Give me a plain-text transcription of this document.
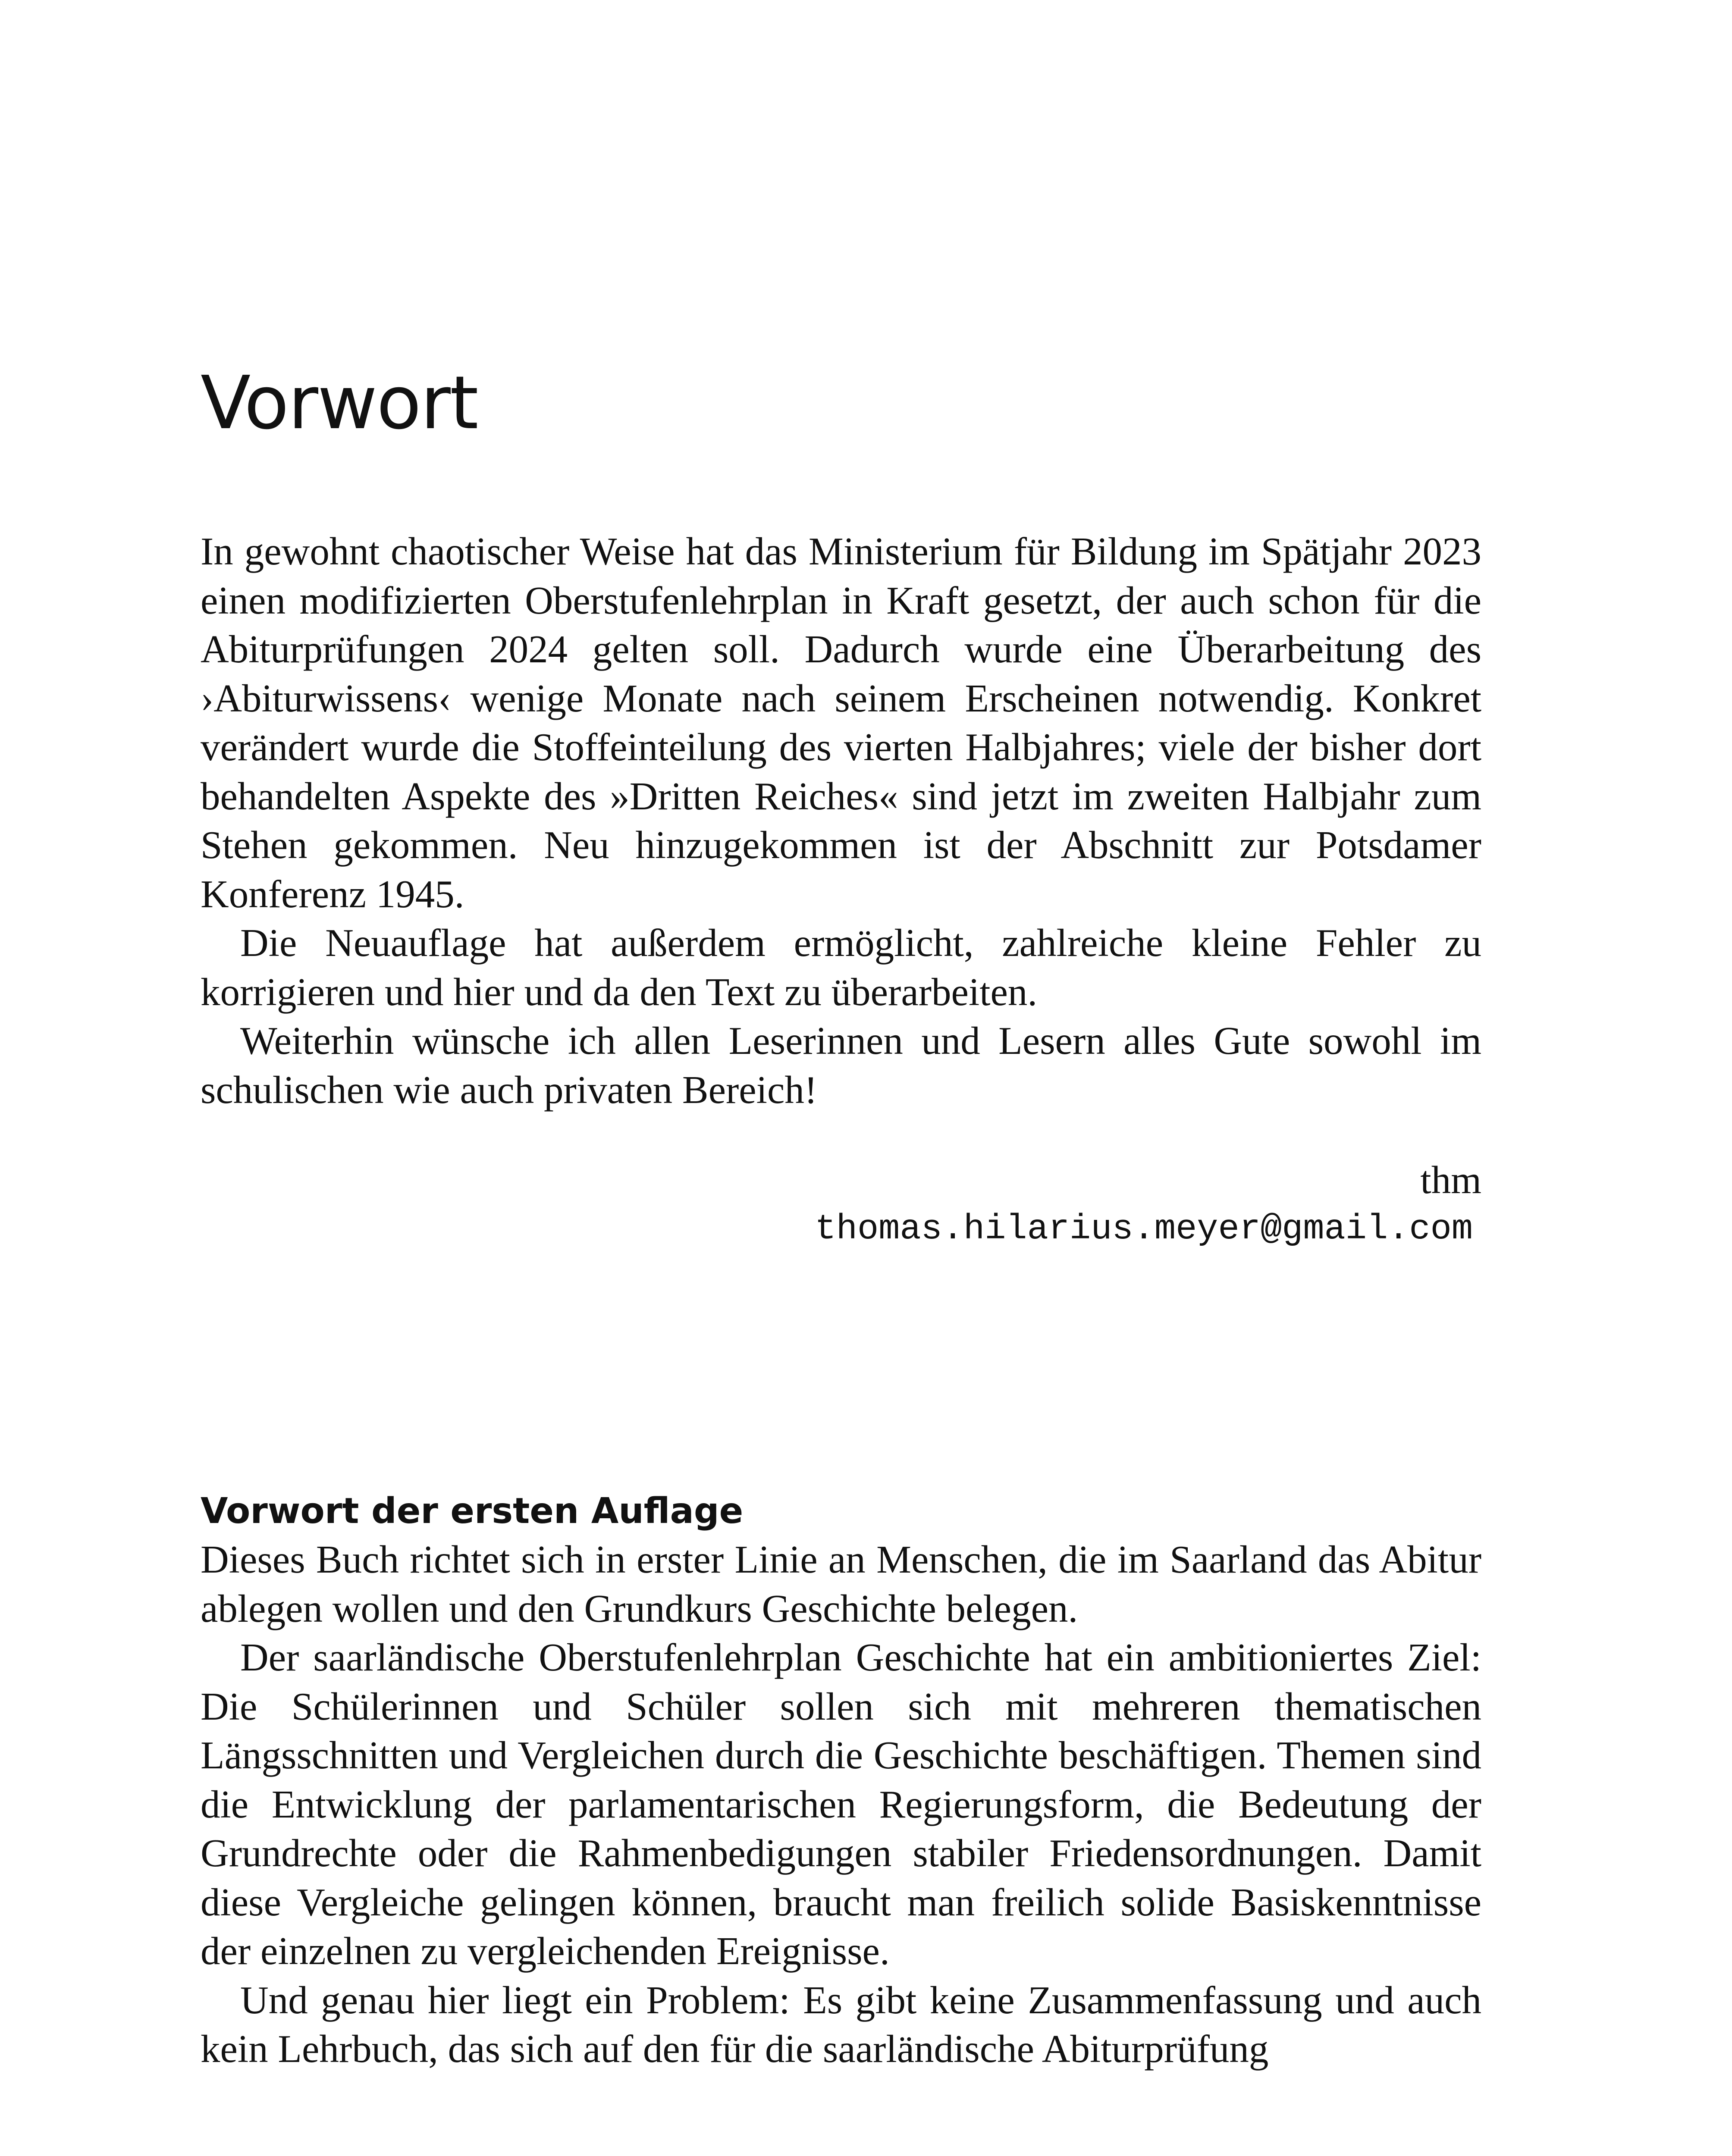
Vorwort

In gewohnt chaotischer Weise hat das Ministerium für Bildung im Spätjahr 2023 einen modifizierten Oberstufenlehrplan in Kraft gesetzt, der auch schon für die Abiturprüfungen 2024 gelten soll. Dadurch wurde eine Überarbeitung des ›Abiturwissens‹ wenige Monate nach seinem Erscheinen notwendig. Konkret verändert wurde die Stoffeinteilung des vierten Halbjahres; viele der bisher dort behandelten Aspekte des »Dritten Reiches« sind jetzt im zweiten Halbjahr zum Stehen gekommen. Neu hinzugekommen ist der Abschnitt zur Potsdamer Konferenz 1945.

Die Neuauflage hat außerdem ermöglicht, zahlreiche kleine Fehler zu korrigieren und hier und da den Text zu überarbeiten.

Weiterhin wünsche ich allen Leserinnen und Lesern alles Gute sowohl im schulischen wie auch privaten Bereich!

thm
thomas.hilarius.meyer@gmail.com
Vorwort der ersten Auflage

Dieses Buch richtet sich in erster Linie an Menschen, die im Saarland das Abitur ablegen wollen und den Grundkurs Geschichte belegen.

Der saarländische Oberstufenlehrplan Geschichte hat ein ambitioniertes Ziel: Die Schülerinnen und Schüler sollen sich mit mehreren thematischen Längsschnitten und Vergleichen durch die Geschichte beschäftigen. Themen sind die Entwicklung der parlamentarischen Regierungsform, die Bedeutung der Grundrechte oder die Rahmenbedigungen stabiler Friedensordnungen. Damit diese Vergleiche gelingen können, braucht man freilich solide Basiskenntnisse der einzelnen zu vergleichenden Ereignisse.

Und genau hier liegt ein Problem: Es gibt keine Zusammenfassung und auch kein Lehrbuch, das sich auf den für die saarländische Abiturprüfung
